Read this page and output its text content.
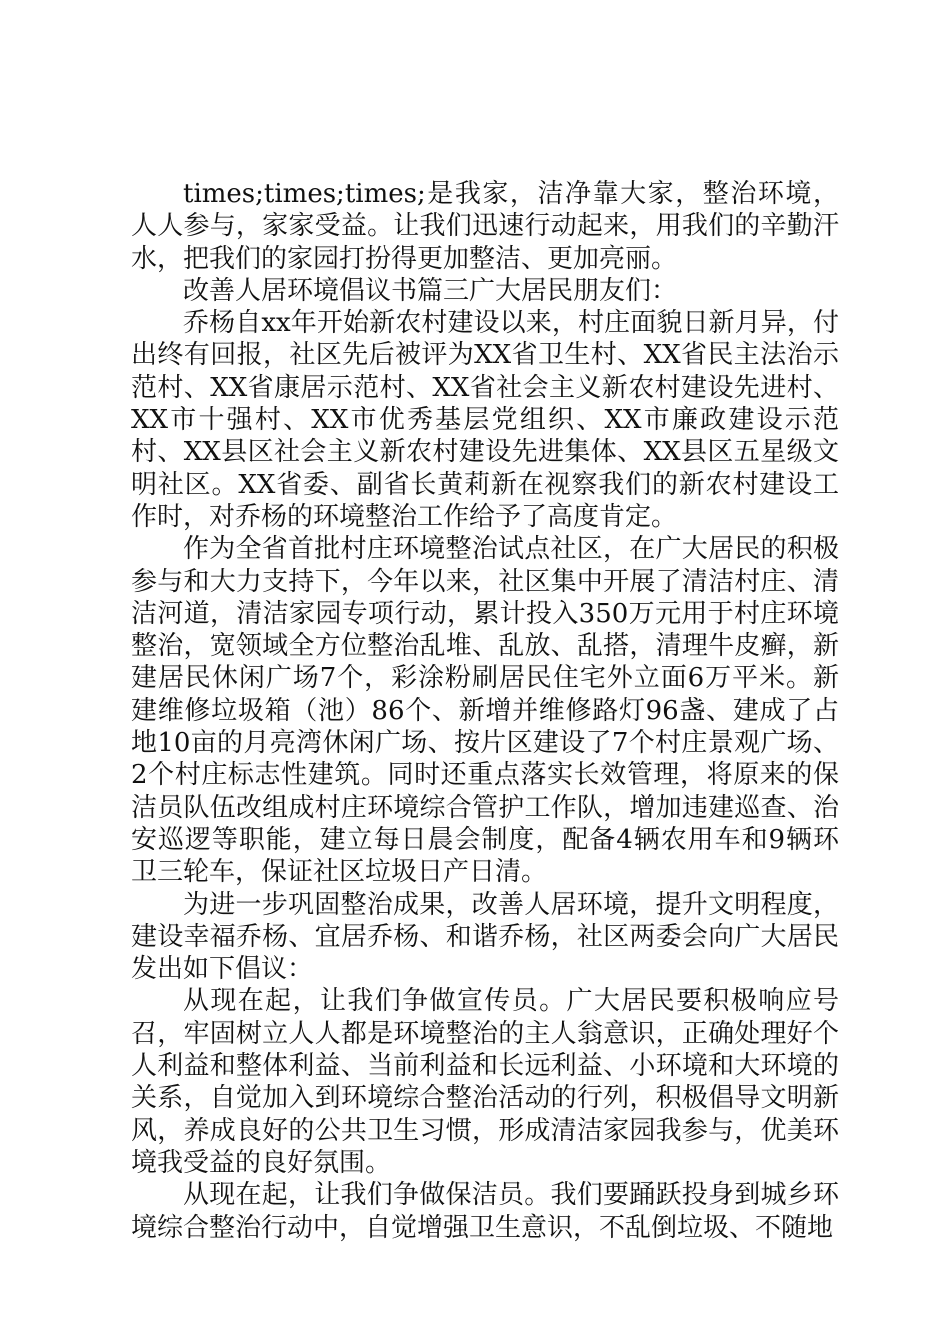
times;times;times;是我家，洁净靠大家，整治环境，人人参与，家家受益。让我们迅速行动起来，用我们的辛勤汗水，把我们的家园打扮得更加整洁、更加亮丽。

改善人居环境倡议书篇三广大居民朋友们：

乔杨自xx年开始新农村建设以来，村庄面貌日新月异，付出终有回报，社区先后被评为XX省卫生村、XX省民主法治示范村、XX省康居示范村、XX省社会主义新农村建设先进村、XX市十强村、XX市优秀基层党组织、XX市廉政建设示范村、XX县区社会主义新农村建设先进集体、XX县区五星级文明社区。XX省委、副省长黄莉新在视察我们的新农村建设工作时，对乔杨的环境整治工作给予了高度肯定。

作为全省首批村庄环境整治试点社区，在广大居民的积极参与和大力支持下，今年以来，社区集中开展了清洁村庄、清洁河道，清洁家园专项行动，累计投入350万元用于村庄环境整治，宽领域全方位整治乱堆、乱放、乱搭，清理牛皮癣，新建居民休闲广场7个，彩涂粉刷居民住宅外立面6万平米。新建维修垃圾箱（池）86个、新增并维修路灯96盏、建成了占地10亩的月亮湾休闲广场、按片区建设了7个村庄景观广场、2个村庄标志性建筑。同时还重点落实长效管理，将原来的保洁员队伍改组成村庄环境综合管护工作队，增加违建巡查、治安巡逻等职能，建立每日晨会制度，配备4辆农用车和9辆环卫三轮车，保证社区垃圾日产日清。

为进一步巩固整治成果，改善人居环境，提升文明程度，建设幸福乔杨、宜居乔杨、和谐乔杨，社区两委会向广大居民发出如下倡议：

从现在起，让我们争做宣传员。广大居民要积极响应号召，牢固树立人人都是环境整治的主人翁意识，正确处理好个人利益和整体利益、当前利益和长远利益、小环境和大环境的关系，自觉加入到环境综合整治活动的行列，积极倡导文明新风，养成良好的公共卫生习惯，形成清洁家园我参与，优美环境我受益的良好氛围。

从现在起，让我们争做保洁员。我们要踊跃投身到城乡环境综合整治行动中，自觉增强卫生意识，不乱倒垃圾、不随地
